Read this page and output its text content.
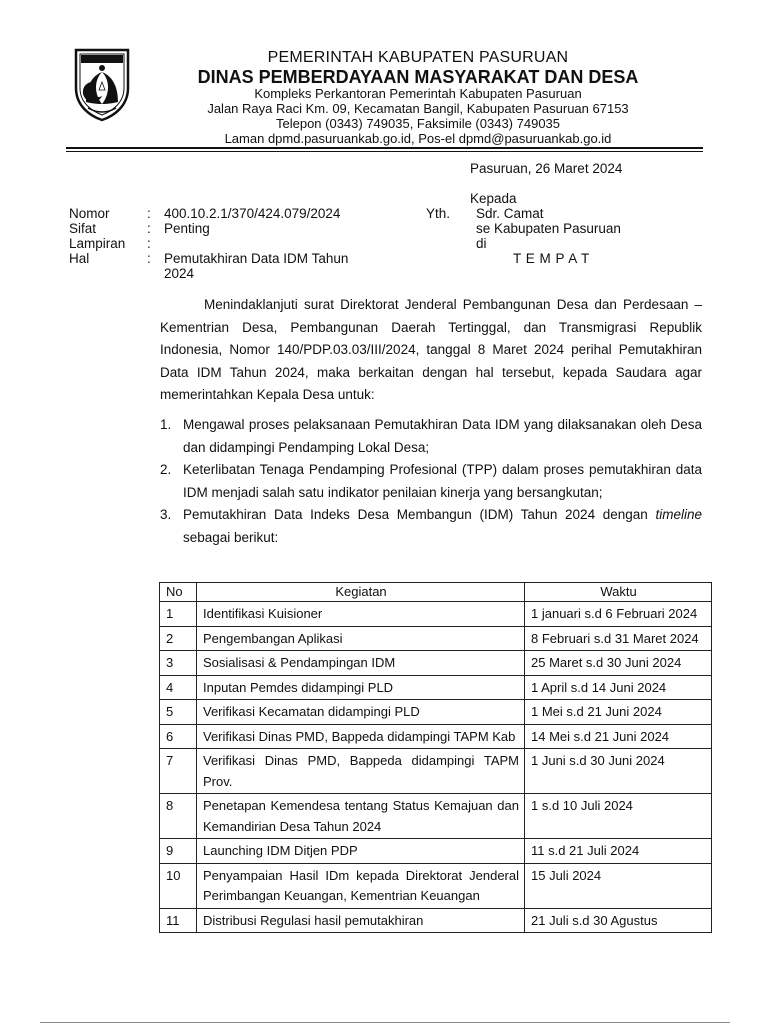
PEMERINTAH KABUPATEN PASURUAN
DINAS PEMBERDAYAAN MASYARAKAT DAN DESA
Kompleks Perkantoran Pemerintah Kabupaten Pasuruan
Jalan Raya Raci Km. 09, Kecamatan Bangil, Kabupaten Pasuruan 67153
Telepon (0343) 749035, Faksimile (0343) 749035
Laman dpmd.pasuruankab.go.id, Pos-el dpmd@pasuruankab.go.id
Pasuruan, 26 Maret 2024
Kepada
Yth. Sdr. Camat
se Kabupaten Pasuruan
di
T E M P A T
Nomor	: 400.10.2.1/370/424.079/2024
Sifat	: Penting
Lampiran :
Hal	: Pemutakhiran Data IDM Tahun
2024

Menindaklanjuti surat Direktorat Jenderal Pembangunan Desa dan Perdesaan – Kementrian Desa, Pembangunan Daerah Tertinggal, dan Transmigrasi Republik Indonesia, Nomor 140/PDP.03.03/III/2024, tanggal 8 Maret 2024 perihal Pemutakhiran Data IDM Tahun 2024, maka berkaitan dengan hal tersebut, kepada Saudara agar memerintahkan Kepala Desa untuk:

1. Mengawal proses pelaksanaan Pemutakhiran Data IDM yang dilaksanakan oleh Desa dan didampingi Pendamping Lokal Desa;
2. Keterlibatan Tenaga Pendamping Profesional (TPP) dalam proses pemutakhiran data IDM menjadi salah satu indikator penilaian kinerja yang bersangkutan;
3. Pemutakhiran Data Indeks Desa Membangun (IDM) Tahun 2024 dengan timeline sebagai berikut:
No	Kegiatan	Waktu
1	Identifikasi Kuisioner	1 januari s.d 6 Februari 2024
2	Pengembangan Aplikasi	8 Februari s.d 31 Maret 2024
3	Sosialisasi & Pendampingan IDM	25 Maret s.d 30 Juni 2024
4	Inputan Pemdes didampingi PLD	1 April s.d 14 Juni 2024
5	Verifikasi Kecamatan didampingi PLD	1 Mei s.d 21 Juni 2024
6	Verifikasi Dinas PMD, Bappeda didampingi TAPM Kab	14 Mei s.d 21 Juni 2024
7	Verifikasi Dinas PMD, Bappeda didampingi TAPM Prov.	1 Juni s.d 30 Juni 2024
8	Penetapan Kemendesa tentang Status Kemajuan dan Kemandirian Desa Tahun 2024	1 s.d 10 Juli 2024
9	Launching IDM Ditjen PDP	11 s.d 21 Juli 2024
10	Penyampaian Hasil IDm kepada Direktorat Jenderal Perimbangan Keuangan, Kementrian Keuangan	15 Juli 2024
11	Distribusi Regulasi hasil pemutakhiran	21 Juli s.d 30 Agustus
